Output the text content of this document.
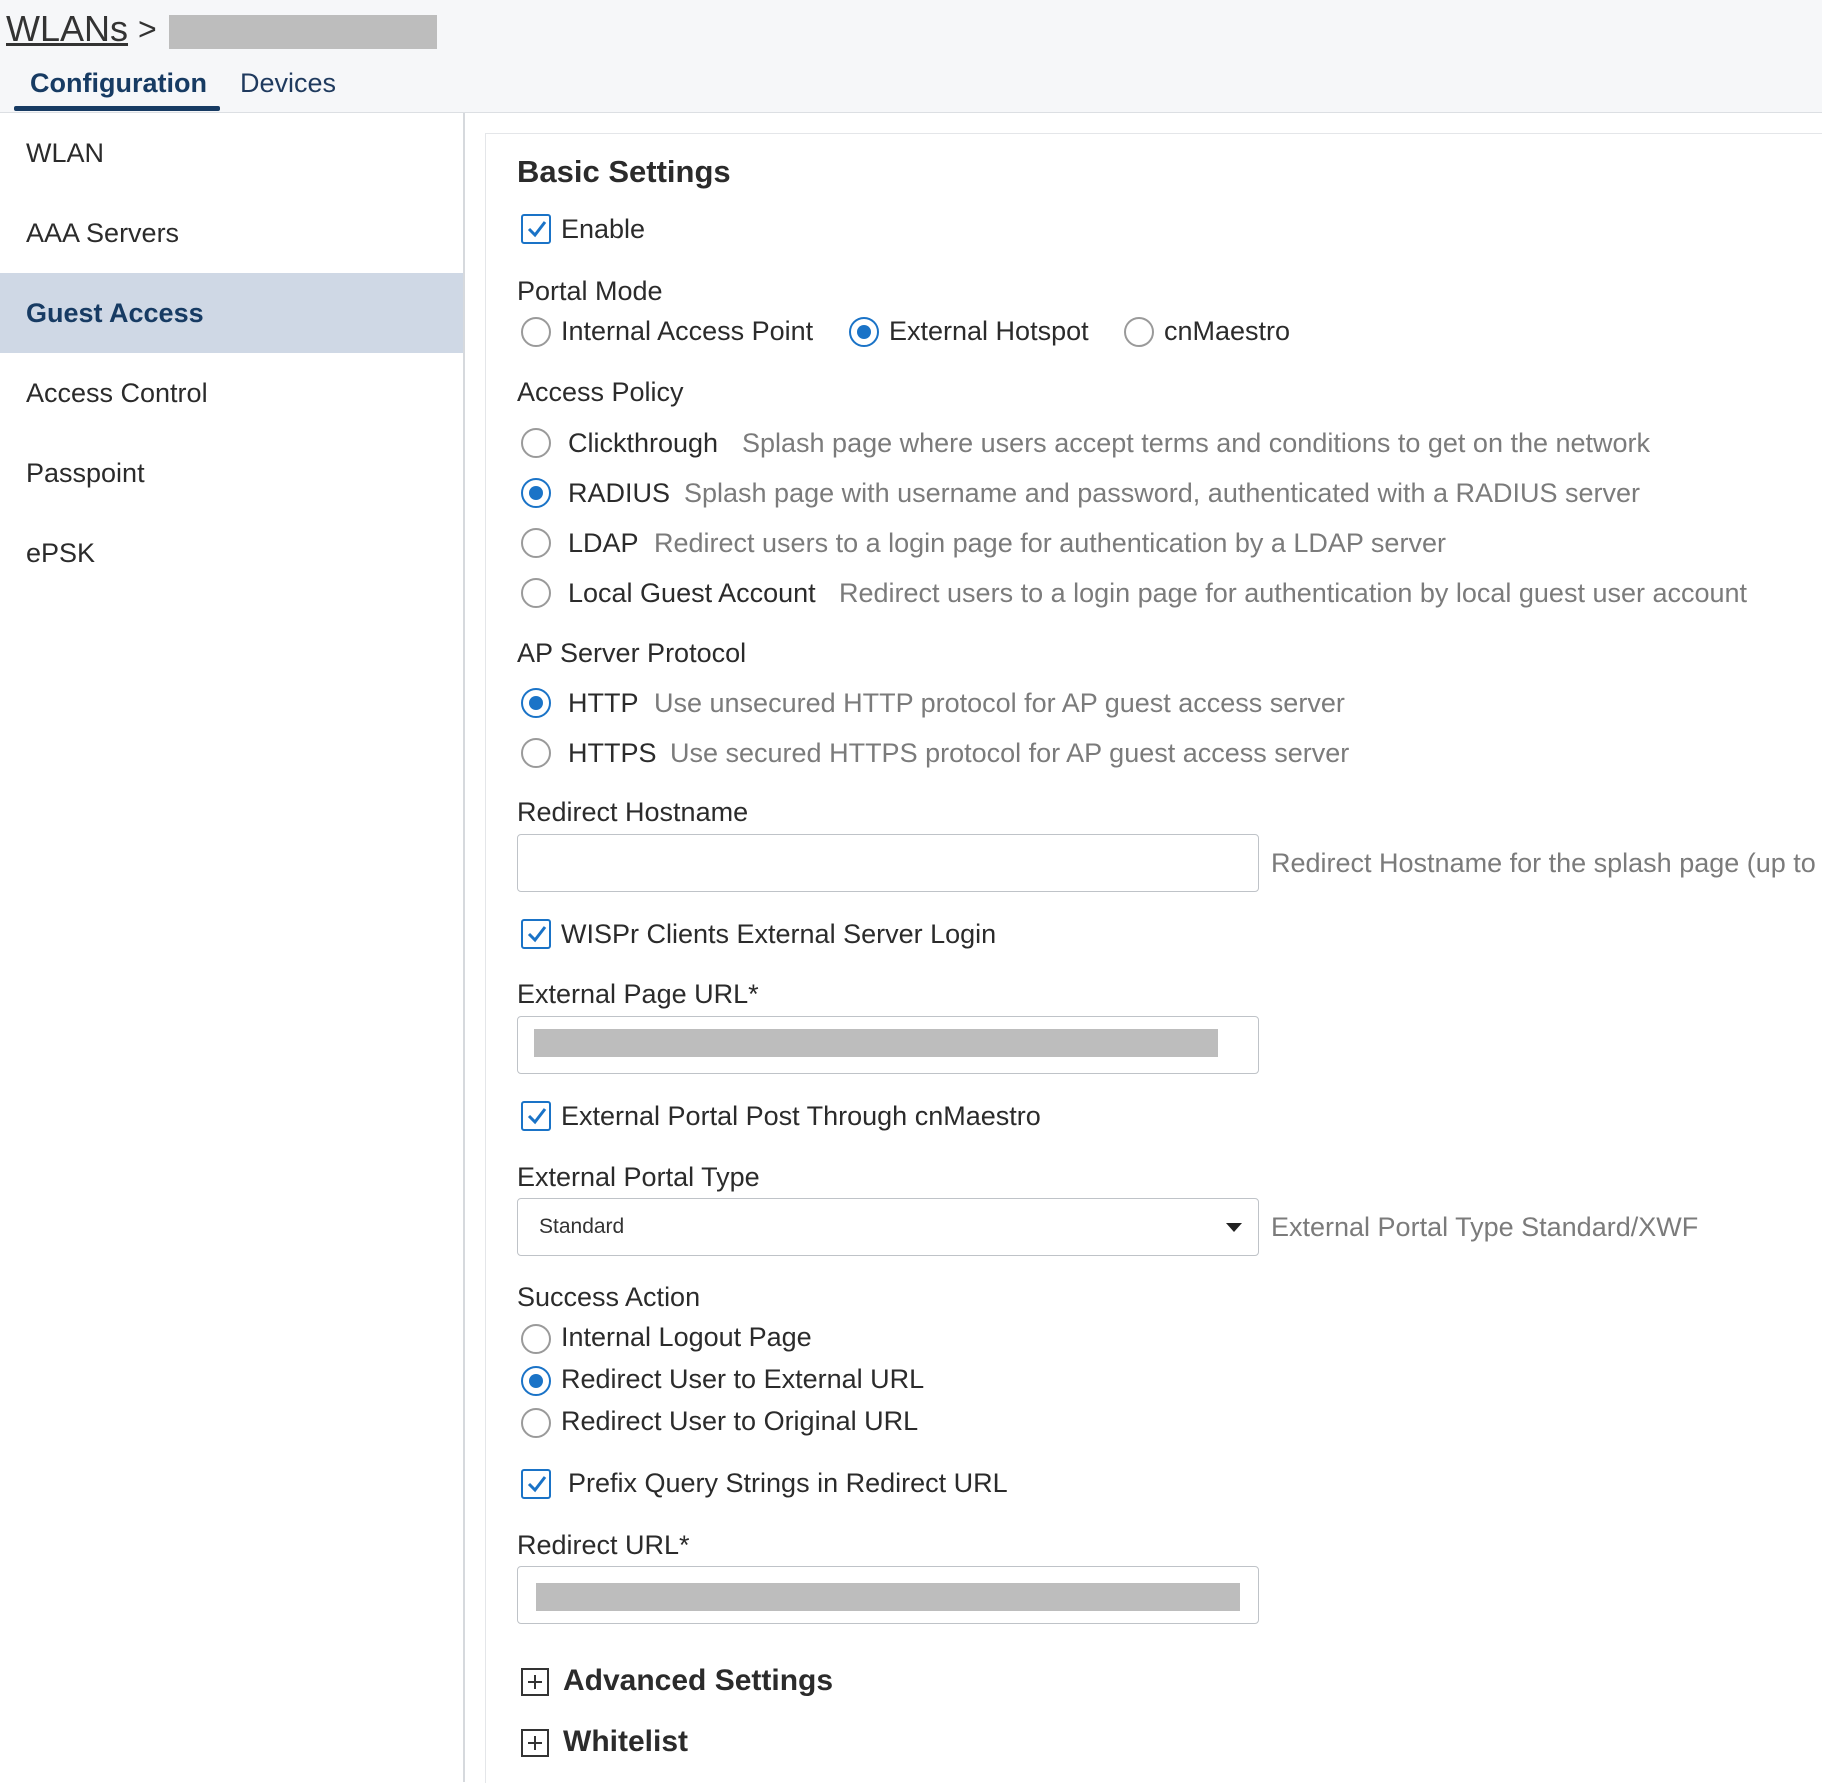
WLANs >
Configuration Devices
WLAN
AAA Servers
Guest Access
Access Control
Passpoint
ePSK
Basic Settings
Enable
Portal Mode
Internal Access Point	External Hotspot	cnMaestro
Access Policy
Clickthrough Splash page where users accept terms and conditions to get on the network
RADIUS Splash page with username and password, authenticated with a RADIUS server
LDAP Redirect users to a login page for authentication by a LDAP server
Local Guest Account Redirect users to a login page for authentication by local guest user account
AP Server Protocol
HTTP Use unsecured HTTP protocol for AP guest access server
HTTPS Use secured HTTPS protocol for AP guest access server
Redirect Hostname
Redirect Hostname for the splash page (up to
WISPr Clients External Server Login
External Page URL*
External Portal Post Through cnMaestro
External Portal Type
Standard	External Portal Type Standard/XWF
Success Action
Internal Logout Page
Redirect User to External URL
Redirect User to Original URL
Prefix Query Strings in Redirect URL
Redirect URL*
Advanced Settings
Whitelist
